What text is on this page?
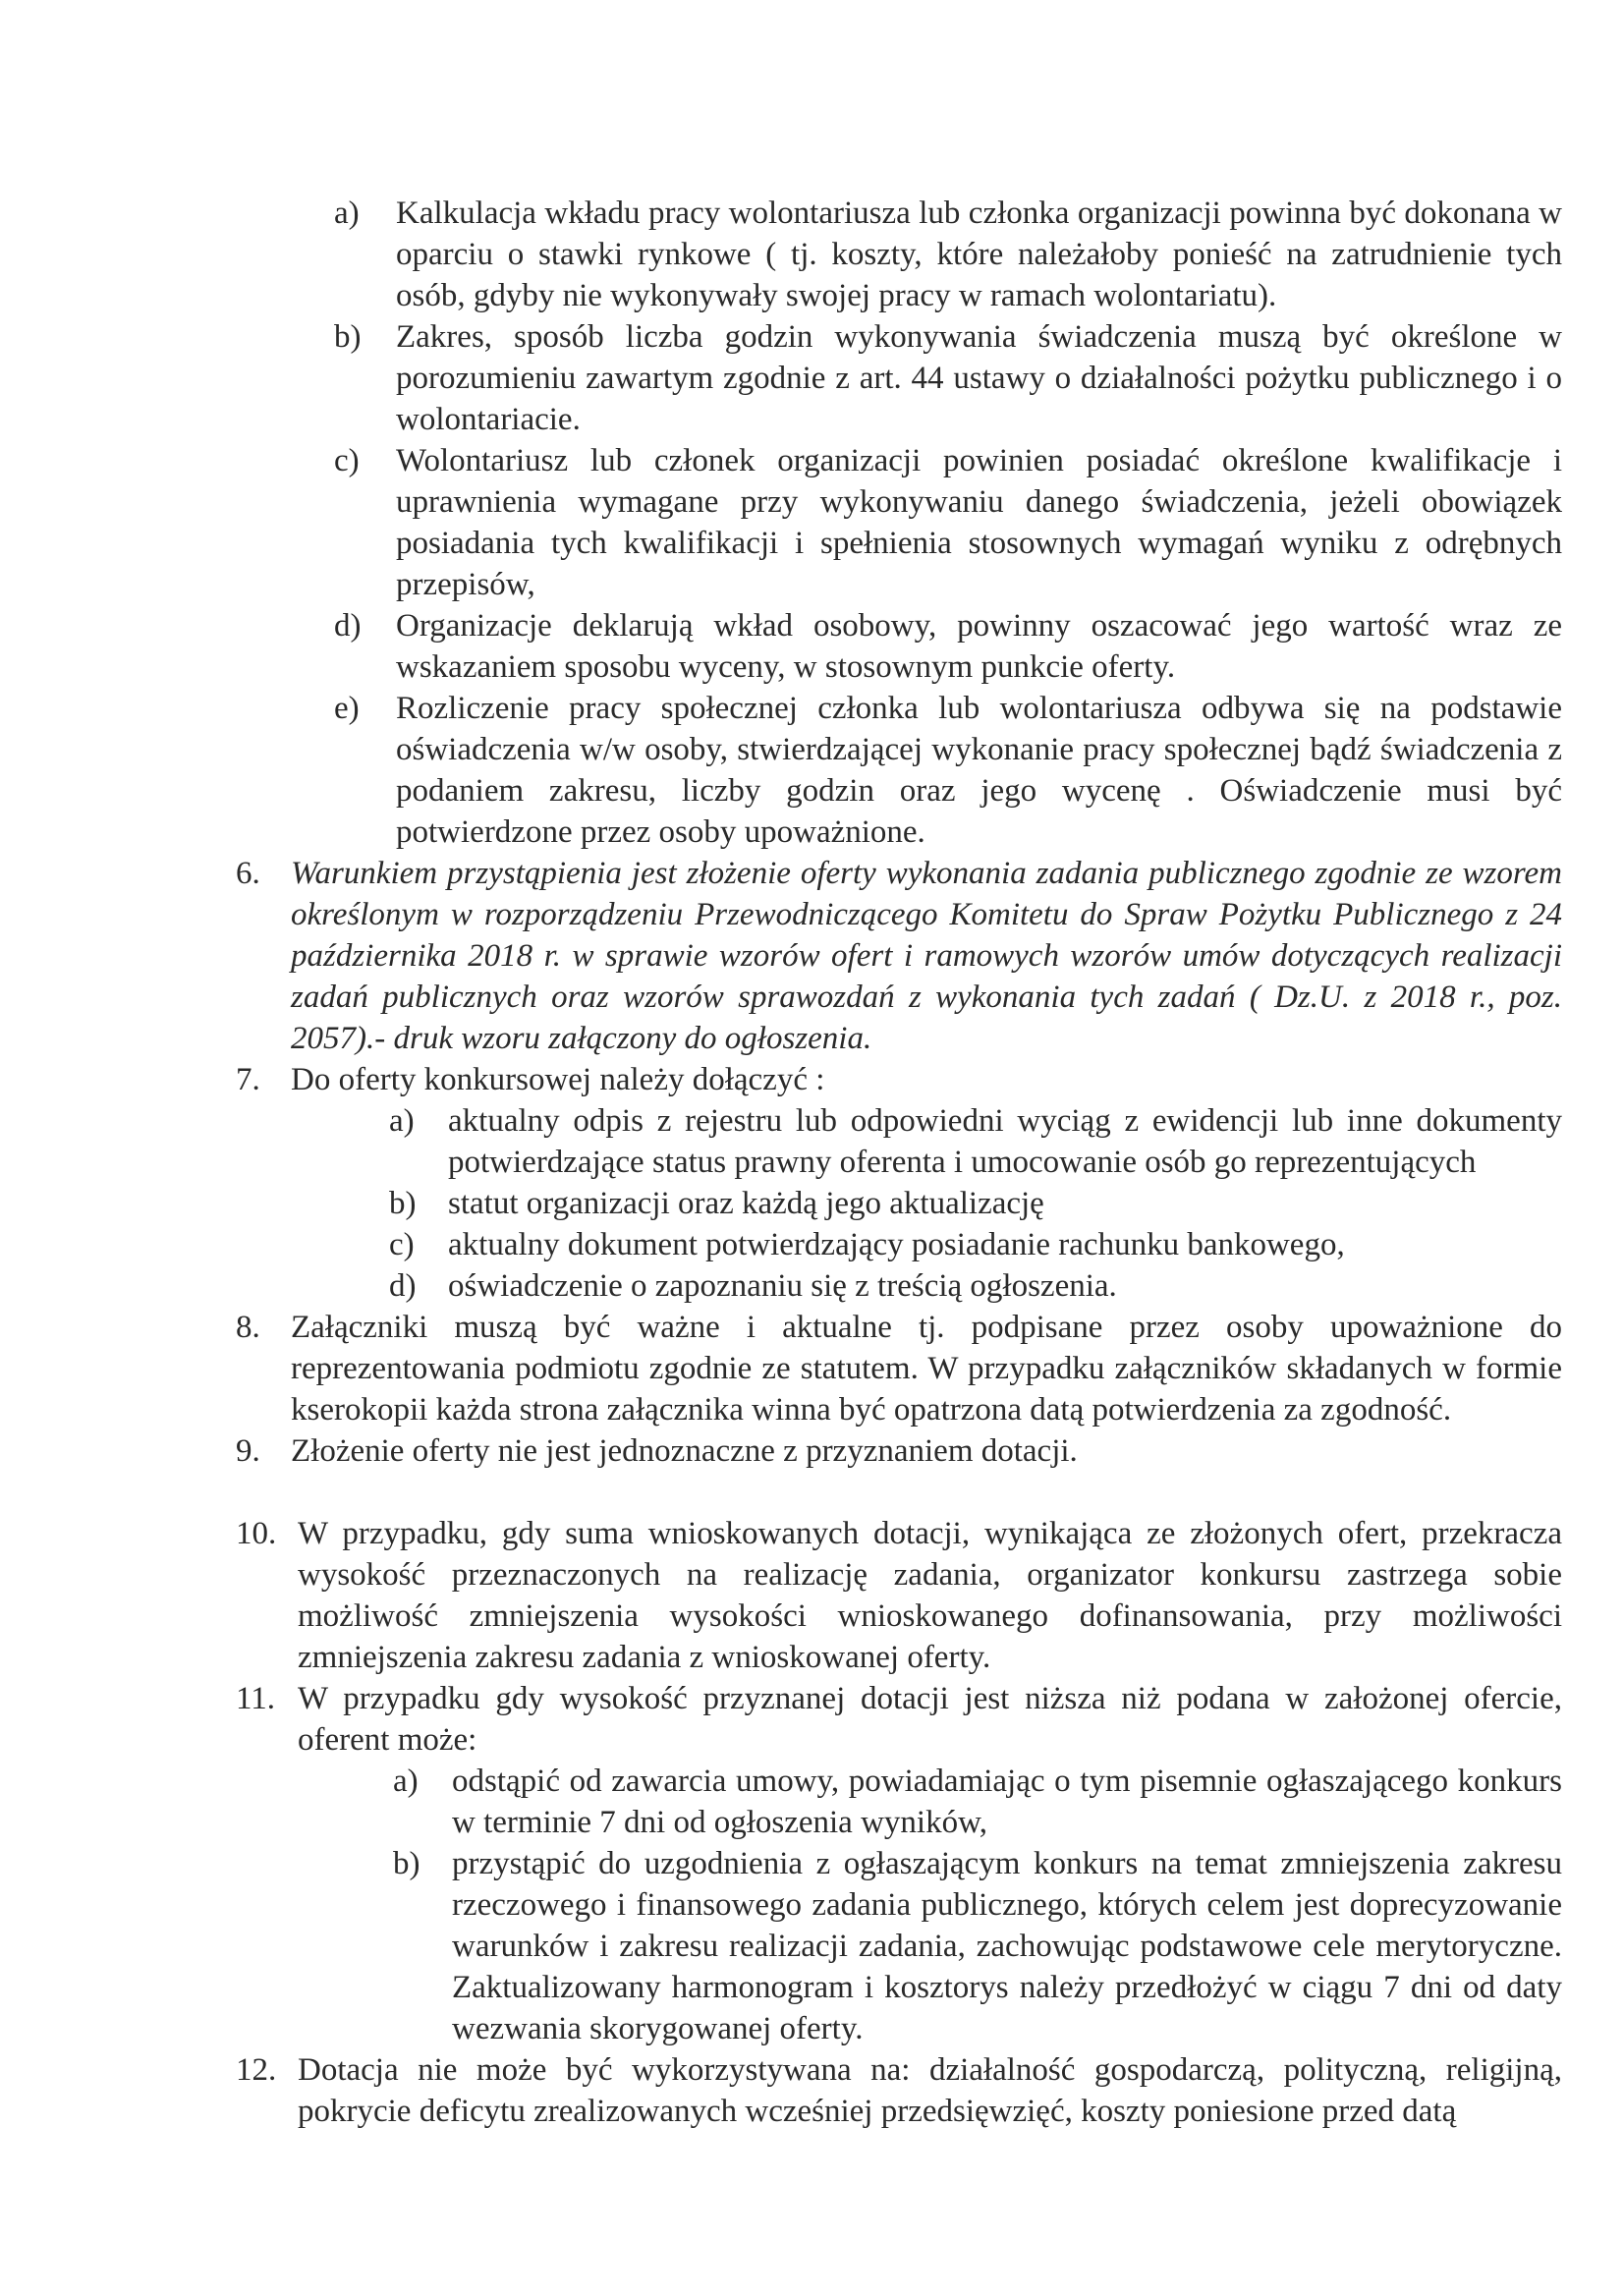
a)	Kalkulacja wkładu pracy wolontariusza lub członka organizacji powinna być dokonana w oparciu o stawki rynkowe ( tj. koszty, które należałoby ponieść na zatrudnienie tych osób, gdyby nie wykonywały swojej pracy w ramach wolontariatu).
b)	Zakres, sposób liczba godzin wykonywania świadczenia muszą być określone w porozumieniu zawartym zgodnie z art. 44 ustawy o działalności pożytku publicznego i o wolontariacie.
c)	Wolontariusz lub członek organizacji powinien posiadać określone kwalifikacje i uprawnienia wymagane przy wykonywaniu danego świadczenia, jeżeli obowiązek posiadania tych kwalifikacji i spełnienia stosownych wymagań wyniku z odrębnych przepisów,
d)	Organizacje deklarują wkład osobowy, powinny oszacować jego wartość wraz ze wskazaniem sposobu wyceny, w stosownym punkcie oferty.
e)	Rozliczenie pracy społecznej członka lub wolontariusza odbywa się na podstawie oświadczenia w/w osoby, stwierdzającej wykonanie pracy społecznej bądź świadczenia z podaniem zakresu, liczby godzin oraz jego wycenę . Oświadczenie musi być potwierdzone przez osoby upoważnione.
6. Warunkiem przystąpienia jest złożenie oferty wykonania zadania publicznego zgodnie ze wzorem określonym w rozporządzeniu Przewodniczącego Komitetu do Spraw Pożytku Publicznego z 24 października 2018 r. w sprawie wzorów ofert i ramowych wzorów umów dotyczących realizacji zadań publicznych oraz wzorów sprawozdań z wykonania tych zadań ( Dz.U. z 2018 r., poz. 2057).- druk wzoru załączony do ogłoszenia.
7. Do oferty konkursowej należy dołączyć :
a)	aktualny odpis z rejestru lub odpowiedni wyciąg z ewidencji lub inne dokumenty potwierdzające status prawny oferenta i umocowanie osób go reprezentujących
b) statut organizacji oraz każdą jego aktualizację
c)	aktualny dokument potwierdzający posiadanie rachunku bankowego,
d) oświadczenie o zapoznaniu się z treścią ogłoszenia.
8. Załączniki muszą być ważne i aktualne tj. podpisane przez osoby upoważnione do reprezentowania podmiotu zgodnie ze statutem. W przypadku załączników składanych w formie kserokopii każda strona załącznika winna być opatrzona datą potwierdzenia za zgodność.
9. Złożenie oferty nie jest jednoznaczne z przyznaniem dotacji.
10. W przypadku, gdy suma wnioskowanych dotacji, wynikająca ze złożonych ofert, przekracza wysokość przeznaczonych na realizację zadania, organizator konkursu zastrzega sobie możliwość zmniejszenia wysokości wnioskowanego dofinansowania, przy możliwości zmniejszenia zakresu zadania z wnioskowanej oferty.
11. W przypadku gdy wysokość przyznanej dotacji jest niższa niż podana w założonej ofercie, oferent może:
a)	odstąpić od zawarcia umowy, powiadamiając o tym pisemnie ogłaszającego konkurs w terminie 7 dni od ogłoszenia wyników,
b) przystąpić do uzgodnienia z ogłaszającym konkurs na temat zmniejszenia zakresu rzeczowego i finansowego zadania publicznego, których celem jest doprecyzowanie warunków i zakresu realizacji zadania, zachowując podstawowe cele merytoryczne. Zaktualizowany harmonogram i kosztorys należy przedłożyć w ciągu 7 dni od daty wezwania skorygowanej oferty.
12. Dotacja nie może być wykorzystywana na: działalność gospodarczą, polityczną, religijną, pokrycie deficytu zrealizowanych wcześniej przedsięwzięć, koszty poniesione przed datą
